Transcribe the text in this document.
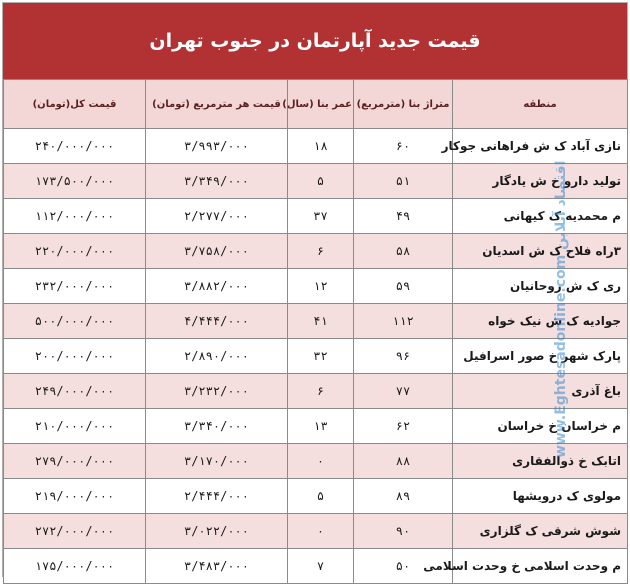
قیمت جدید آپارتمان در جنوب تهران
منطقه	متراژ بنا (مترمربع)	عمر بنا (سال)	قیمت هر مترمربع (تومان)	قیمت کل(تومان)
نازی آباد ک ش فراهانی جوکار	۶۰	۱۸	۳/۹۹۳/۰۰۰	۲۴۰/۰۰۰/۰۰۰
تولید دارو خ ش یادگار	۵۱	۵	۳/۳۴۹/۰۰۰	۱۷۳/۵۰۰/۰۰۰
م محمدیه ک کیهانی	۴۹	۳۷	۲/۲۷۷/۰۰۰	۱۱۲/۰۰۰/۰۰۰
۳راه فلاح ک ش اسدیان	۵۸	۶	۳/۷۵۸/۰۰۰	۲۲۰/۰۰۰/۰۰۰
ری ک ش روحانیان	۵۹	۱۲	۳/۸۸۲/۰۰۰	۲۳۲/۰۰۰/۰۰۰
جوادیه ک ش نیک خواه	۱۱۲	۴۱	۴/۴۴۴/۰۰۰	۵۰۰/۰۰۰/۰۰۰
پارک شهر خ صور اسرافیل	۹۶	۳۲	۲/۸۹۰/۰۰۰	۲۰۰/۰۰۰/۰۰۰
باغ آذری	۷۷	۶	۳/۲۳۲/۰۰۰	۲۴۹/۰۰۰/۰۰۰
م خراسان خ خراسان	۶۲	۱۳	۳/۳۴۰/۰۰۰	۲۱۰/۰۰۰/۰۰۰
اتابک خ ذوالفقاری	۸۸	۰	۳/۱۷۰/۰۰۰	۲۷۹/۰۰۰/۰۰۰
مولوی ک درویشها	۸۹	۵	۲/۴۴۴/۰۰۰	۲۱۹/۰۰۰/۰۰۰
شوش شرقی ک گلزاری	۹۰	۰	۳/۰۲۲/۰۰۰	۲۷۲/۰۰۰/۰۰۰
م وحدت اسلامی خ وحدت اسلامی	۵۰	۷	۳/۴۸۳/۰۰۰	۱۷۵/۰۰۰/۰۰۰
www.Eghtesadonline.com اقتصاد آنلاین
